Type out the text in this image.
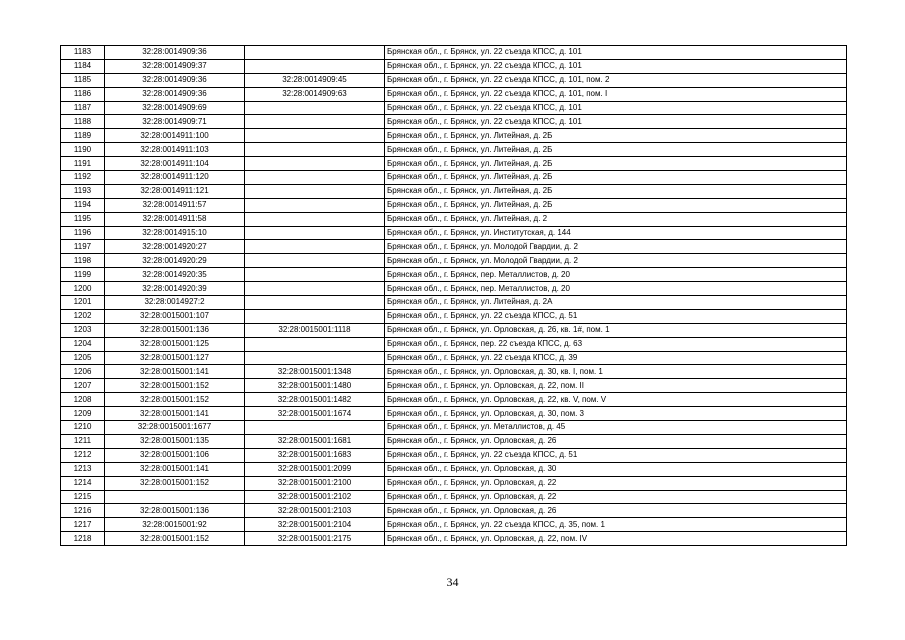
1183	32:28:0014909:36		Брянская обл., г. Брянск, ул. 22 съезда КПСС, д. 101
1184	32:28:0014909:37		Брянская обл., г. Брянск, ул. 22 съезда КПСС, д. 101
1185	32:28:0014909:36	32:28:0014909:45	Брянская обл., г. Брянск, ул. 22 съезда КПСС, д. 101, пом. 2
1186	32:28:0014909:36	32:28:0014909:63	Брянская обл., г. Брянск, ул. 22 съезда КПСС, д. 101, пом. I
1187	32:28:0014909:69		Брянская обл., г. Брянск, ул. 22 съезда КПСС, д. 101
1188	32:28:0014909:71		Брянская обл., г. Брянск, ул. 22 съезда КПСС, д. 101
1189	32:28:0014911:100		Брянская обл., г. Брянск, ул. Литейная, д. 2Б
1190	32:28:0014911:103		Брянская обл., г. Брянск, ул. Литейная, д. 2Б
1191	32:28:0014911:104		Брянская обл., г. Брянск, ул. Литейная, д. 2Б
1192	32:28:0014911:120		Брянская обл., г. Брянск, ул. Литейная, д. 2Б
1193	32:28:0014911:121		Брянская обл., г. Брянск, ул. Литейная, д. 2Б
1194	32:28:0014911:57		Брянская обл., г. Брянск, ул. Литейная, д. 2Б
1195	32:28:0014911:58		Брянская обл., г. Брянск, ул. Литейная, д. 2
1196	32:28:0014915:10		Брянская обл., г. Брянск, ул. Институтская, д. 144
1197	32:28:0014920:27		Брянская обл., г. Брянск, ул. Молодой Гвардии, д. 2
1198	32:28:0014920:29		Брянская обл., г. Брянск, ул. Молодой Гвардии, д. 2
1199	32:28:0014920:35		Брянская обл., г. Брянск, пер. Металлистов, д. 20
1200	32:28:0014920:39		Брянская обл., г. Брянск, пер. Металлистов, д. 20
1201	32:28:0014927:2		Брянская обл., г. Брянск, ул. Литейная, д. 2А
1202	32:28:0015001:107		Брянская обл., г. Брянск, ул. 22 съезда КПСС, д. 51
1203	32:28:0015001:136	32:28:0015001:1118	Брянская обл., г. Брянск, ул. Орловская, д. 26, кв. 1#, пом. 1
1204	32:28:0015001:125		Брянская обл., г. Брянск, пер. 22 съезда КПСС, д. 63
1205	32:28:0015001:127		Брянская обл., г. Брянск, ул. 22 съезда КПСС, д. 39
1206	32:28:0015001:141	32:28:0015001:1348	Брянская обл., г. Брянск, ул. Орловская, д. 30, кв. I, пом. 1
1207	32:28:0015001:152	32:28:0015001:1480	Брянская обл., г. Брянск, ул. Орловская, д. 22, пом. II
1208	32:28:0015001:152	32:28:0015001:1482	Брянская обл., г. Брянск, ул. Орловская, д. 22, кв. V, пом. V
1209	32:28:0015001:141	32:28:0015001:1674	Брянская обл., г. Брянск, ул. Орловская, д. 30, пом. 3
1210	32:28:0015001:1677		Брянская обл., г. Брянск, ул. Металлистов, д. 45
1211	32:28:0015001:135	32:28:0015001:1681	Брянская обл., г. Брянск, ул. Орловская, д. 26
1212	32:28:0015001:106	32:28:0015001:1683	Брянская обл., г. Брянск, ул. 22 съезда КПСС, д. 51
1213	32:28:0015001:141	32:28:0015001:2099	Брянская обл., г. Брянск, ул. Орловская, д. 30
1214	32:28:0015001:152	32:28:0015001:2100	Брянская обл., г. Брянск, ул. Орловская, д. 22
1215		32:28:0015001:2102	Брянская обл., г. Брянск, ул. Орловская, д. 22
1216	32:28:0015001:136	32:28:0015001:2103	Брянская обл., г. Брянск, ул. Орловская, д. 26
1217	32:28:0015001:92	32:28:0015001:2104	Брянская обл., г. Брянск, ул. 22 съезда КПСС, д. 35, пом. 1
1218	32:28:0015001:152	32:28:0015001:2175	Брянская обл., г. Брянск, ул. Орловская, д. 22, пом. IV
34
